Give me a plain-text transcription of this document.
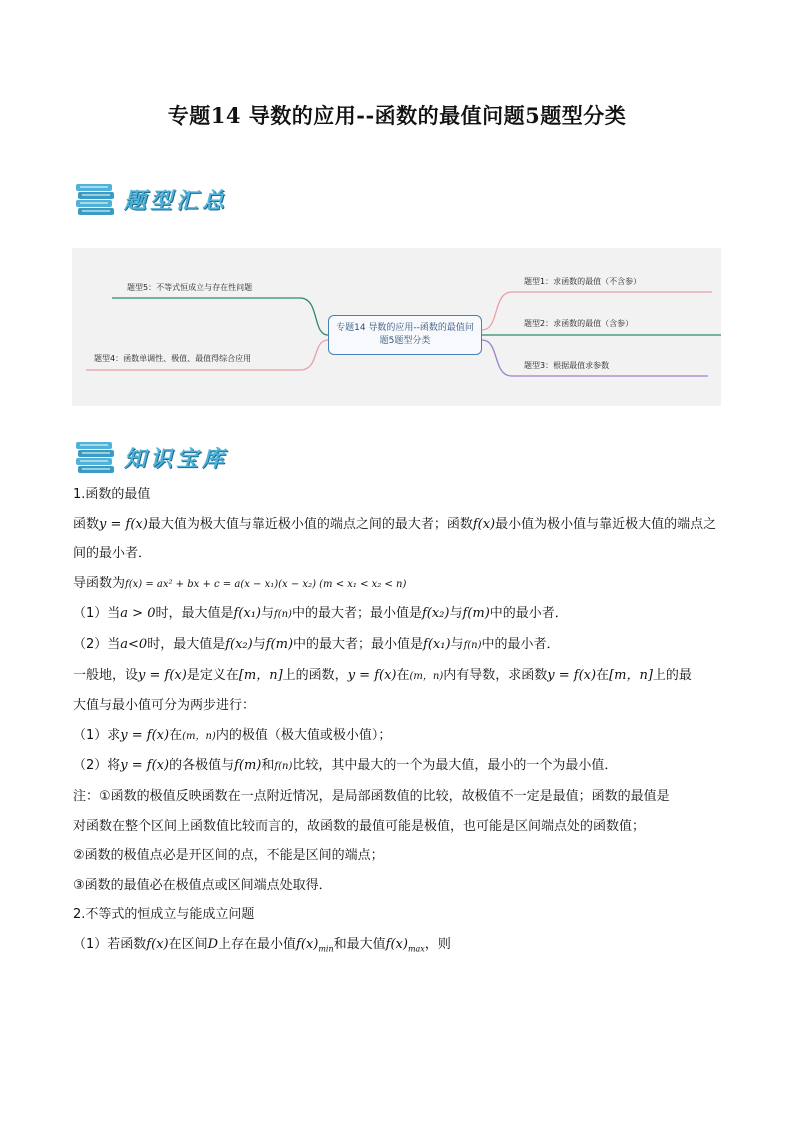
专题14 导数的应用--函数的最值问题5题型分类
题型汇总
题型5：不等式恒成立与存在性问题
题型4：函数单调性、极值、最值得综合应用
题型1：求函数的最值（不含参）
题型2：求函数的最值（含参）
题型3：根据最值求参数
专题14 导数的应用--函数的最值问题5题型分类
知识宝库

1.函数的最值

函数y = f(x)最大值为极大值与靠近极小值的端点之间的最大者；函数f(x)最小值为极小值与靠近极大值的端点之间的最小者．

导函数为f(x) = ax² + bx + c = a(x − x₁)(x − x₂) (m < x₁ < x₂ < n)

（1）当a > 0时，最大值是f(x₁)与f(n)中的最大者；最小值是f(x₂)与f(m)中的最小者．

（2）当a<0时，最大值是f(x₂)与f(m)中的最大者；最小值是f(x₁)与f(n)中的最小者．

一般地，设y = f(x)是定义在[m，n]上的函数，y = f(x)在(m，n)内有导数，求函数y = f(x)在[m，n]上的最

大值与最小值可分为两步进行：

（1）求y = f(x)在(m，n)内的极值（极大值或极小值）；

（2）将y = f(x)的各极值与f(m)和f(n)比较，其中最大的一个为最大值，最小的一个为最小值．

注：①函数的极值反映函数在一点附近情况，是局部函数值的比较，故极值不一定是最值；函数的最值是

对函数在整个区间上函数值比较而言的，故函数的最值可能是极值，也可能是区间端点处的函数值；

②函数的极值点必是开区间的点，不能是区间的端点；

③函数的最值必在极值点或区间端点处取得．

2.不等式的恒成立与能成立问题

（1）若函数f(x)在区间D上存在最小值$f(x)_{min}$和最大值$f(x)_{max}$，则
